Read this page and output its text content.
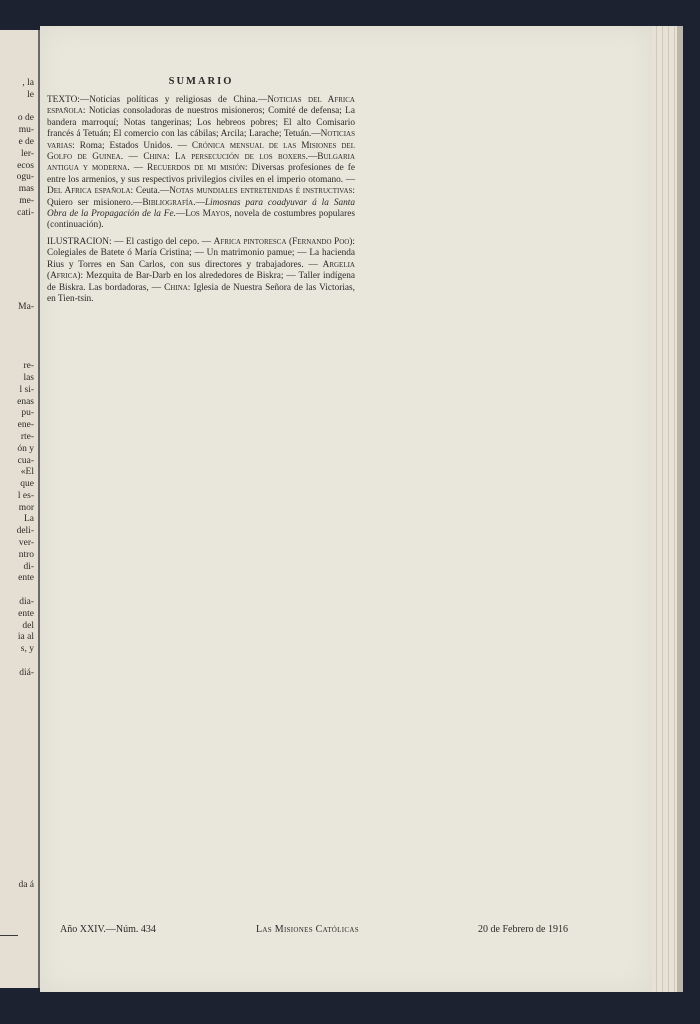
, la
le

o de
mu-
e de
ler-
ecos
ogu-
mas
me-
cati-

Ma-

re-
las
l si-
enas
pu-
ene-
rte-
ón y
cua-
«El
que
l es-
mor
La
deli-
ver-
ntro
di-
ente

dia-
ente
del
ia al
s, y

diá-

da á
SUMARIO

TEXTO:—Noticias políticas y religiosas de China.—Noticias del Africa española: Noticias consoladoras de nuestros misioneros; Comité de defensa; La bandera marroquí; Notas tangerinas; Los hebreos pobres; El alto Comisario francés á Tetuán; El comercio con las cábilas; Arcila; Larache; Tetuán.—Noticias varias: Roma; Estados Unidos. — Crónica mensual de las Misiones del Golfo de Guinea. — China: La persecución de los boxers.—Bulgaria antigua y moderna. — Recuerdos de mi misión: Diversas profesiones de fe entre los armenios, y sus respectivos privilegios civiles en el imperio otomano. — Del Africa española: Ceuta.—Notas mundiales entretenidas é instructivas: Quiero ser misionero.—Bibliografía.—Limosnas para coadyuvar á la Santa Obra de la Propagación de la Fe.—Los Mayos, novela de costumbres populares (continuación).

ILUSTRACION: — El castigo del cepo. — Africa pintoresca (Fernando Poo): Colegiales de Batete ó María Cristina; — Un matrimonio pamue; — La hacienda Rius y Torres en San Carlos, con sus directores y trabajadores. — Argelia (Africa): Mezquita de Bar-Darb en los alrededores de Biskra; — Taller indígena de Biskra. Las bordadoras, — China: Iglesia de Nuestra Señora de las Victorias, en Tien-tsin.

Año XXIV.—Núm. 434	Las Misiones Católicas	20 de Febrero de 1916
